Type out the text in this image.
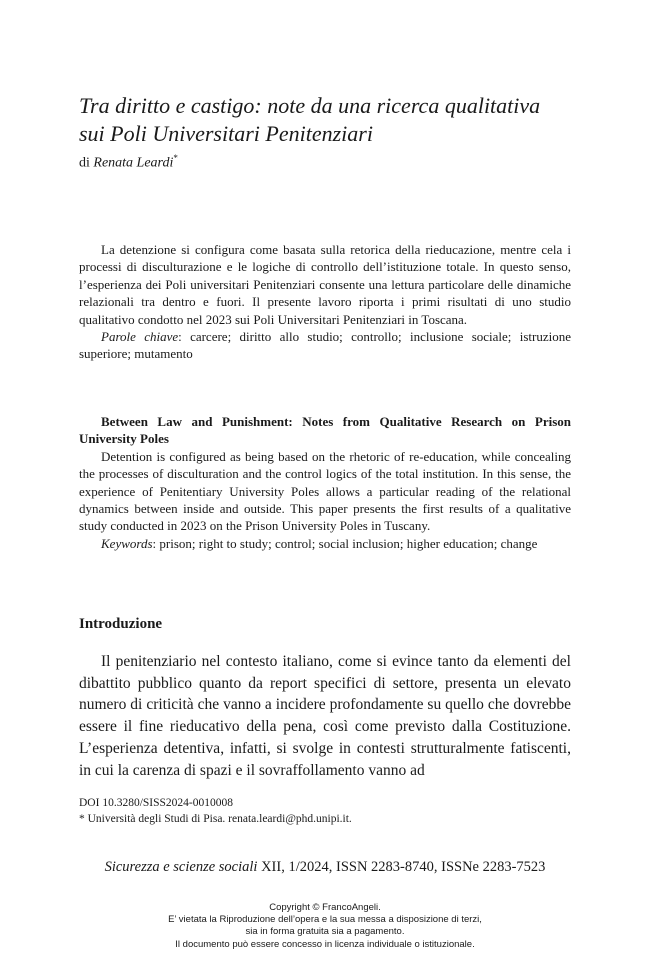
Tra diritto e castigo: note da una ricerca qualitativa sui Poli Universitari Penitenziari
di Renata Leardi*

La detenzione si configura come basata sulla retorica della rieducazione, mentre cela i processi di disculturazione e le logiche di controllo dell’istituzione totale. In questo senso, l’esperienza dei Poli universitari Penitenziari consente una lettura particolare delle dinamiche relazionali tra dentro e fuori. Il presente lavoro riporta i primi risultati di uno studio qualitativo condotto nel 2023 sui Poli Universitari Penitenziari in Toscana.

Parole chiave: carcere; diritto allo studio; controllo; inclusione sociale; istruzione superiore; mutamento

Between Law and Punishment: Notes from Qualitative Research on Prison University Poles

Detention is configured as being based on the rhetoric of re-education, while concealing the processes of disculturation and the control logics of the total institution. In this sense, the experience of Penitentiary University Poles allows a particular reading of the relational dynamics between inside and outside. This paper presents the first results of a qualitative study conducted in 2023 on the Prison University Poles in Tuscany.

Keywords: prison; right to study; control; social inclusion; higher education; change

Introduzione

Il penitenziario nel contesto italiano, come si evince tanto da elementi del dibattito pubblico quanto da report specifici di settore, presenta un elevato numero di criticità che vanno a incidere profondamente su quello che dovrebbe essere il fine rieducativo della pena, così come previsto dalla Costituzione. L’esperienza detentiva, infatti, si svolge in contesti strutturalmente fatiscenti, in cui la carenza di spazi e il sovraffollamento vanno ad

DOI 10.3280/SISS2024-0010008
* Università degli Studi di Pisa. renata.leardi@phd.unipi.it.
Sicurezza e scienze sociali XII, 1/2024, ISSN 2283-8740, ISSNe 2283-7523
Copyright © FrancoAngeli.
E’ vietata la Riproduzione dell’opera e la sua messa a disposizione di terzi,
sia in forma gratuita sia a pagamento.
Il documento può essere concesso in licenza individuale o istituzionale.
